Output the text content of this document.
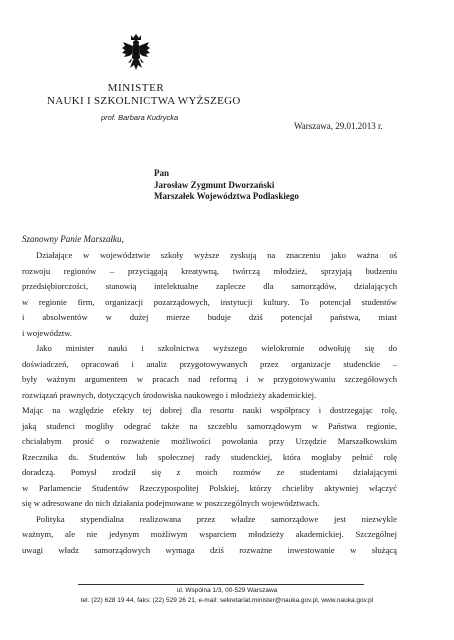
MINISTER
NAUKI I SZKOLNICTWA WYŻSZEGO
prof. Barbara Kudrycka
Warszawa, 29.01.2013 r.
Pan
Jarosław Zygmunt Dworzański
Marszałek Województwa Podlaskiego
Szanowny Panie Marszałku,
Działające w województwie szkoły wyższe zyskują na znaczeniu jako ważna oś
rozwoju regionów – przyciągają kreatywną, twórczą młodzież, sprzyjają budzeniu
przedsiębiorczości, stanowią intelektualne zaplecze dla samorządów, działających
w regionie firm, organizacji pozarządowych, instytucji kultury. To potencjał studentów
i absolwentów w dużej mierze buduje dziś potencjał państwa, miast
i województw.
Jako minister nauki i szkolnictwa wyższego wielokrotnie odwołuję się do
doświadczeń, opracowań i analiz przygotowywanych przez organizacje studenckie –
były ważnym argumentem w pracach nad reformą i w przygotowywaniu szczegółowych
rozwiązań prawnych, dotyczących środowiska naukowego i młodzieży akademickiej.
Mając na względzie efekty tej dobrej dla resortu nauki współpracy i dostrzegając rolę,
jaką studenci mogliby odegrać także na szczeblu samorządowym w Państwa regionie,
chciałabym prosić o rozważenie możliwości powołania przy Urzędzie Marszałkowskim
Rzecznika ds. Studentów lub społecznej rady studenckiej, która mogłaby pełnić rolę
doradczą. Pomysł zrodził się z moich rozmów ze studentami działającymi
w Parlamencie Studentów Rzeczypospolitej Polskiej, którzy chcieliby aktywniej włączyć
się w adresowane do nich działania podejmowane w poszczególnych województwach.
Polityka stypendialna realizowana przez władze samorządowe jest niezwykle
ważnym, ale nie jedynym możliwym wsparciem młodzieży akademickiej. Szczególnej
uwagi władz samorządowych wymaga dziś rozważne inwestowanie w służącą
ul. Wspólna 1/3, 00-529 Warszawa
tel. (22) 628 19 44, faks: (22) 529 26 21, e-mail: sekretariat.minister@nauka.gov.pl, www.nauka.gov.pl
